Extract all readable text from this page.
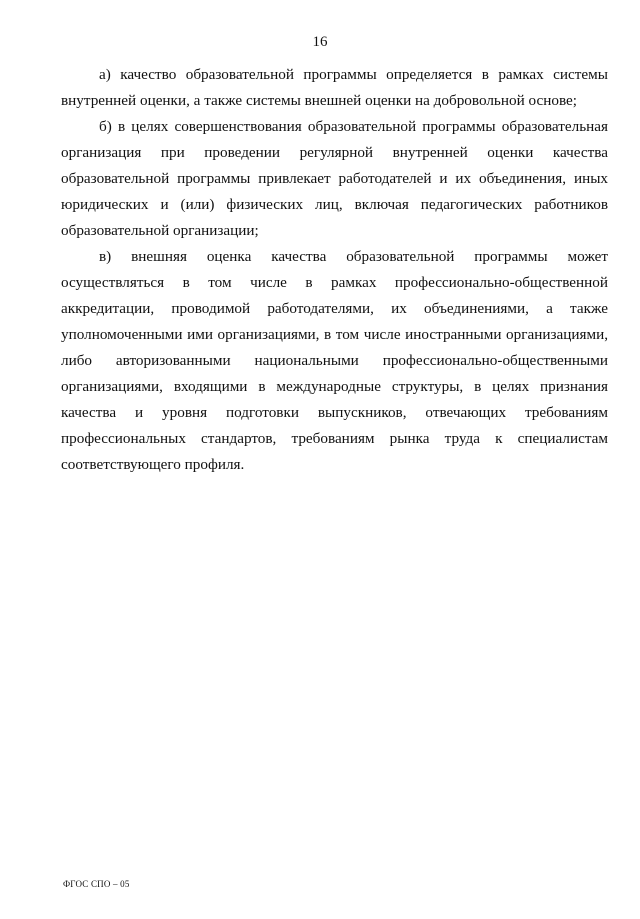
16

а) качество образовательной программы определяется в рамках системы внутренней оценки, а также системы внешней оценки на добровольной основе;

б) в целях совершенствования образовательной программы образовательная организация при проведении регулярной внутренней оценки качества образовательной программы привлекает работодателей и их объединения, иных юридических и (или) физических лиц, включая педагогических работников образовательной организации;

в) внешняя оценка качества образовательной программы может осуществляться в том числе в рамках профессионально-общественной аккредитации, проводимой работодателями, их объединениями, а также уполномоченными ими организациями, в том числе иностранными организациями, либо авторизованными национальными профессионально-общественными организациями, входящими в международные структуры, в целях признания качества и уровня подготовки выпускников, отвечающих требованиям профессиональных стандартов, требованиям рынка труда к специалистам соответствующего профиля.

ФГОС СПО – 05
